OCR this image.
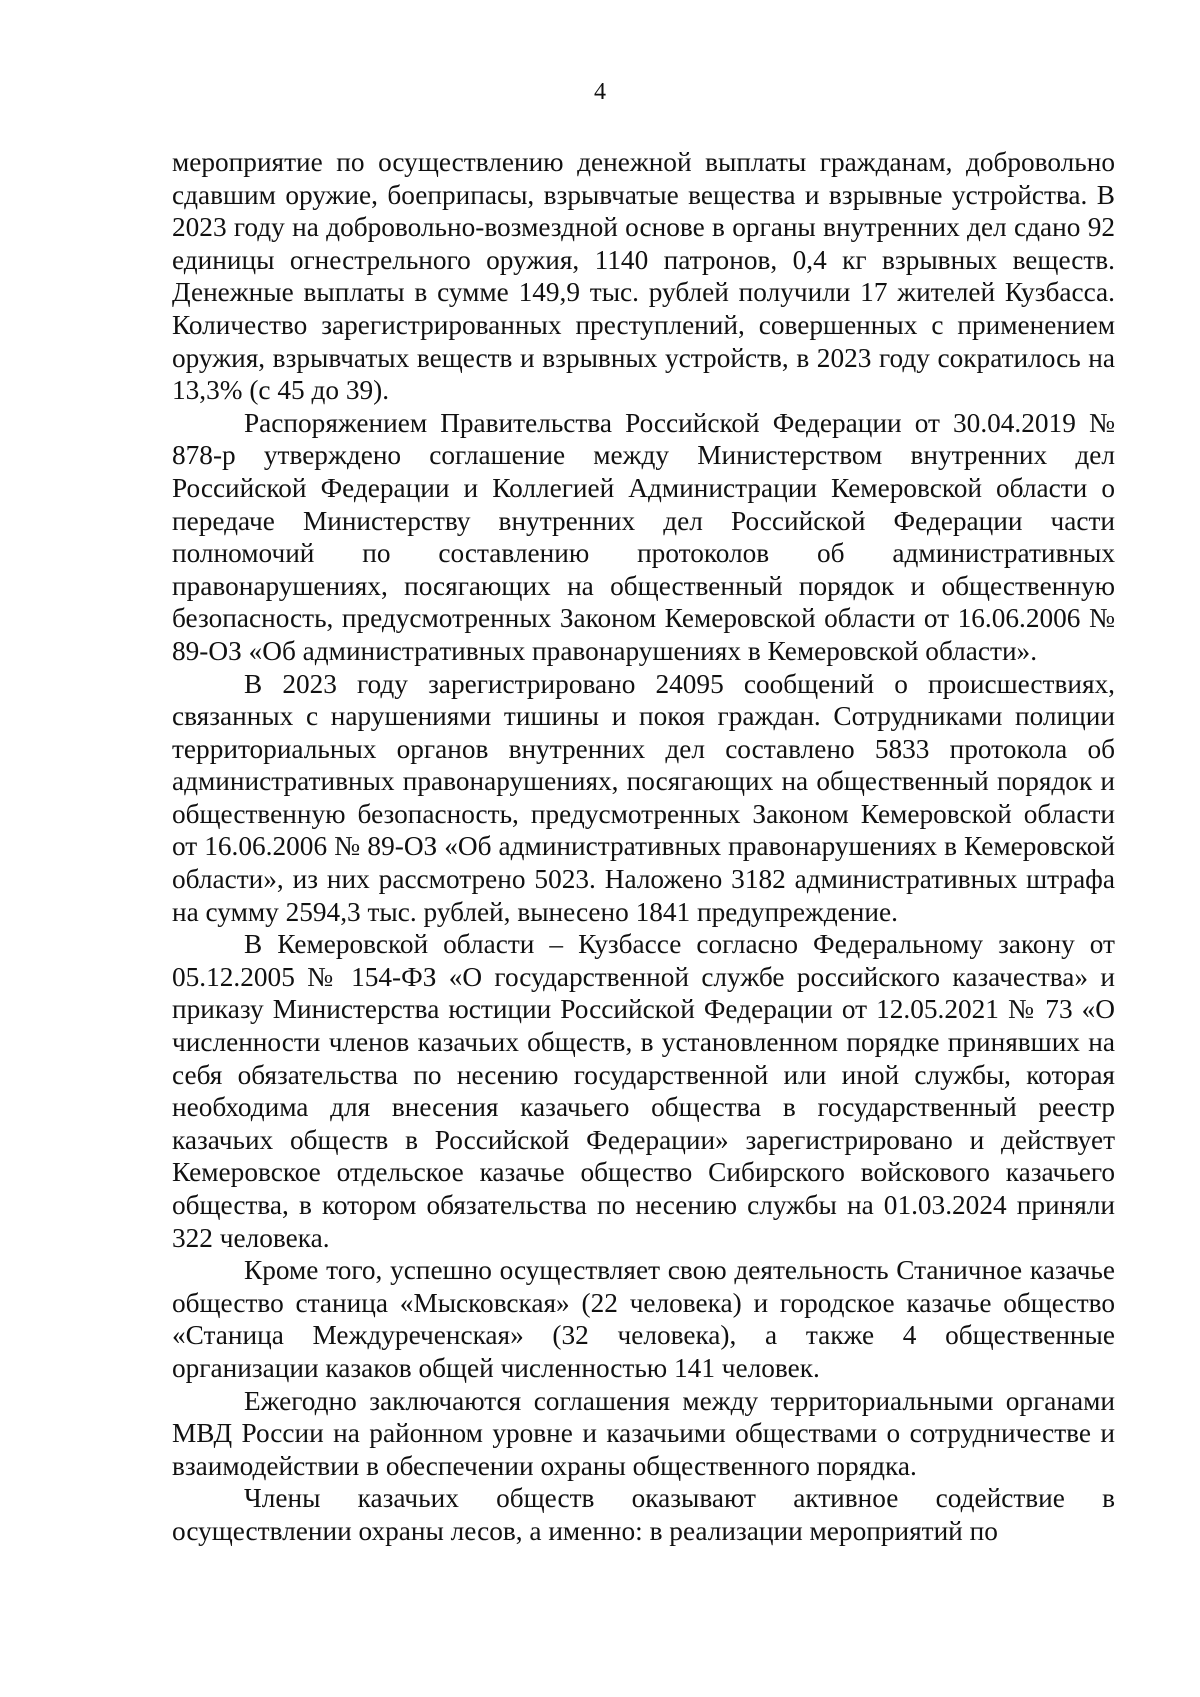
4

мероприятие по осуществлению денежной выплаты гражданам, добровольно сдавшим оружие, боеприпасы, взрывчатые вещества и взрывные устройства. В 2023 году на добровольно-возмездной основе в органы внутренних дел сдано 92 единицы огнестрельного оружия, 1140 патронов, 0,4 кг взрывных веществ. Денежные выплаты в сумме 149,9 тыс. рублей получили 17 жителей Кузбасса. Количество зарегистрированных преступлений, совершенных с применением оружия, взрывчатых веществ и взрывных устройств, в 2023 году сократилось на 13,3% (с 45 до 39).

Распоряжением Правительства Российской Федерации от 30.04.2019 № 878-р утверждено соглашение между Министерством внутренних дел Российской Федерации и Коллегией Администрации Кемеровской области о передаче Министерству внутренних дел Российской Федерации части полномочий по составлению протоколов об административных правонарушениях, посягающих на общественный порядок и общественную безопасность, предусмотренных Законом Кемеровской области от 16.06.2006 № 89-ОЗ «Об административных правонарушениях в Кемеровской области».

В 2023 году зарегистрировано 24095 сообщений о происшествиях, связанных с нарушениями тишины и покоя граждан. Сотрудниками полиции территориальных органов внутренних дел составлено 5833 протокола об административных правонарушениях, посягающих на общественный порядок и общественную безопасность, предусмотренных Законом Кемеровской области от 16.06.2006 № 89-ОЗ «Об административных правонарушениях в Кемеровской области», из них рассмотрено 5023. Наложено 3182 административных штрафа на сумму 2594,3 тыс. рублей, вынесено 1841 предупреждение.

В Кемеровской области – Кузбассе согласно Федеральному закону от 05.12.2005 № 154-ФЗ «О государственной службе российского казачества» и приказу Министерства юстиции Российской Федерации от 12.05.2021 № 73 «О численности членов казачьих обществ, в установленном порядке принявших на себя обязательства по несению государственной или иной службы, которая необходима для внесения казачьего общества в государственный реестр казачьих обществ в Российской Федерации» зарегистрировано и действует Кемеровское отдельское казачье общество Сибирского войскового казачьего общества, в котором обязательства по несению службы на 01.03.2024 приняли 322 человека.

Кроме того, успешно осуществляет свою деятельность Станичное казачье общество станица «Мысковская» (22 человека) и городское казачье общество «Станица Междуреченская» (32 человека), а также 4 общественные организации казаков общей численностью 141 человек.

Ежегодно заключаются соглашения между территориальными органами МВД России на районном уровне и казачьими обществами о сотрудничестве и взаимодействии в обеспечении охраны общественного порядка.

Члены казачьих обществ оказывают активное содействие в осуществлении охраны лесов, а именно: в реализации мероприятий по
